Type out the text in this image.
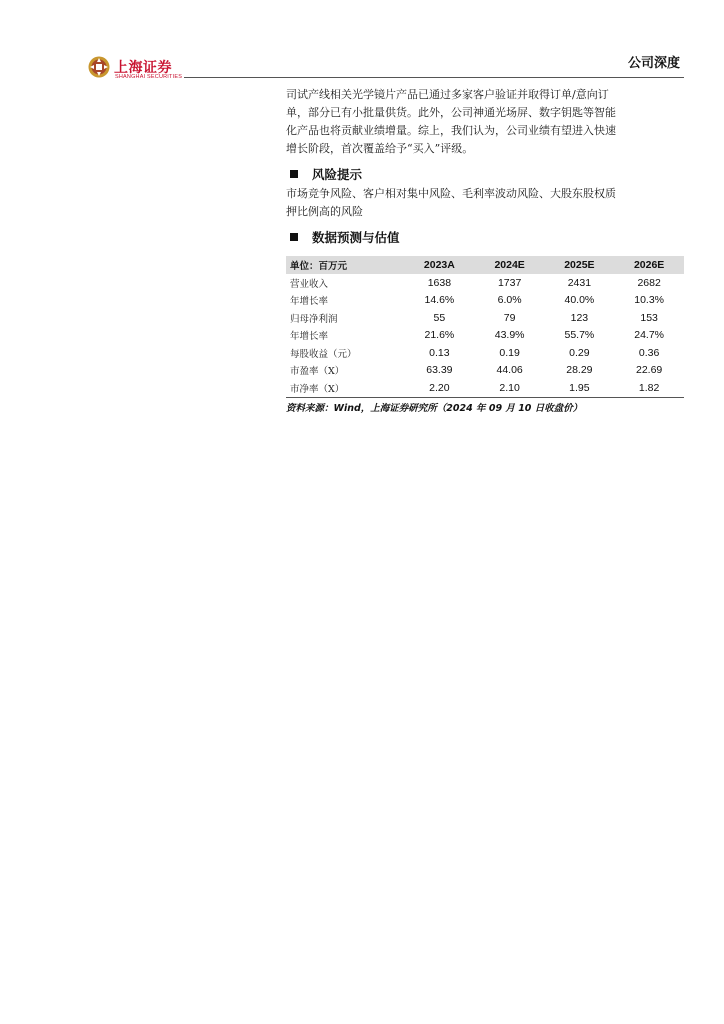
上海证券
SHANGHAI SECURITIES
公司深度

司试产线相关光学镜片产品已通过多家客户验证并取得订单/意向订

单，部分已有小批量供货。此外，公司神通光场屏、数字钥匙等智能

化产品也将贡献业绩增量。综上，我们认为，公司业绩有望进入快速

增长阶段，首次覆盖给予“买入”评级。

风险提示

市场竞争风险、客户相对集中风险、毛利率波动风险、大股东股权质

押比例高的风险

数据预测与估值
单位：百万元	2023A	2024E	2025E	2026E
营业收入	1638	1737	2431	2682
年增长率	14.6%	6.0%	40.0%	10.3%
归母净利润	55	79	123	153
年增长率	21.6%	43.9%	55.7%	24.7%
每股收益（元）	0.13	0.19	0.29	0.36
市盈率（X）	63.39	44.06	28.29	22.69
市净率（X）	2.20	2.10	1.95	1.82
资料来源：Wind，上海证券研究所（2024 年 09 月 10 日收盘价）
